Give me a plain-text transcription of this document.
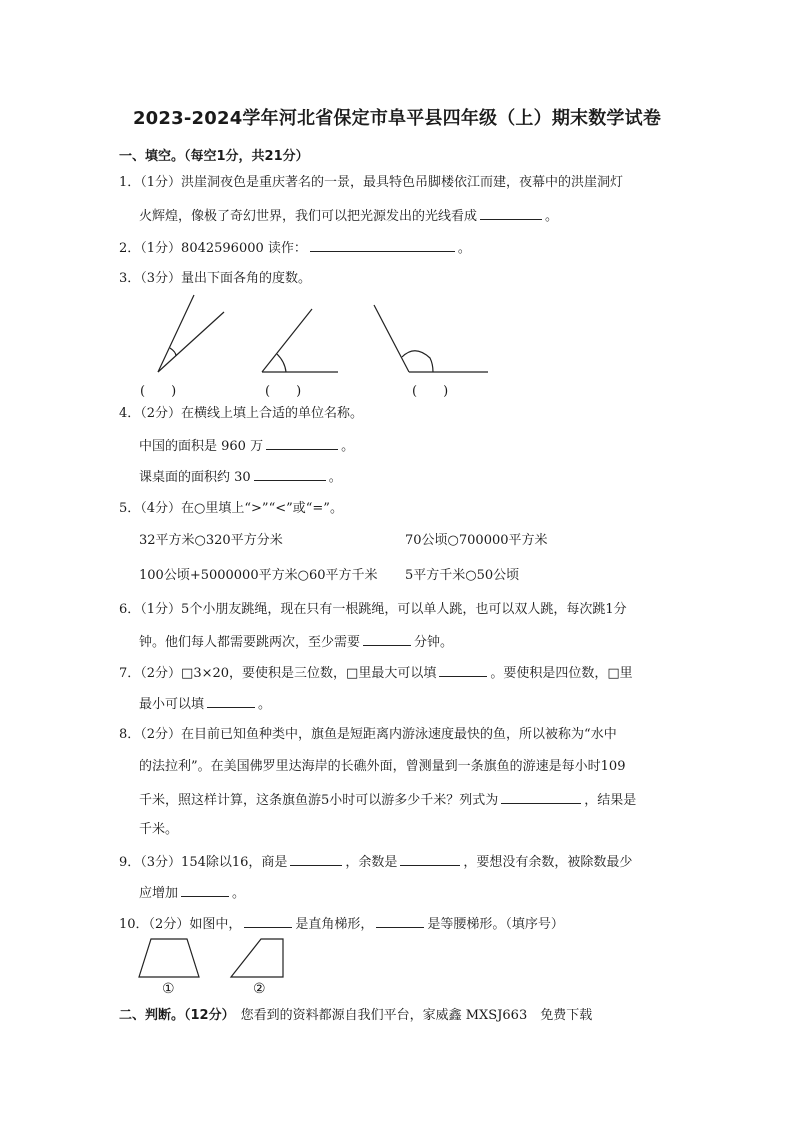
2023-2024学年河北省保定市阜平县四年级（上）期末数学试卷
一、填空。（每空1分，共21分）
1．（1分）洪崖洞夜色是重庆著名的一景，最具特色吊脚楼依江而建，夜幕中的洪崖洞灯
火辉煌，像极了奇幻世界，我们可以把光源发出的光线看成	。
2．（1分）8042596000 读作：	。
3．（3分）量出下面各角的度数。
(　　)	(　　)	(　　)
4．（2分）在横线上填上合适的单位名称。
中国的面积是 960 万	。
课桌面的面积约 30	。
5．（4分）在○里填上“>”“<”或“=”。
32平方米○320平方分米	70公顷○700000平方米
100公顷+5000000平方米○60平方千米 5平方千米○50公顷
6．（1分）5个小朋友跳绳，现在只有一根跳绳，可以单人跳，也可以双人跳，每次跳1分
钟。他们每人都需要跳两次，至少需要	分钟。
7．（2分）□3×20，要使积是三位数，□里最大可以填	。要使积是四位数，□里
最小可以填	。
8．（2分）在目前已知鱼种类中，旗鱼是短距离内游泳速度最快的鱼，所以被称为“水中
的法拉利”。在美国佛罗里达海岸的长礁外面，曾测量到一条旗鱼的游速是每小时109
千米，照这样计算，这条旗鱼游5小时可以游多少千米？列式为	，结果是
千米。
9．（3分）154除以16，商是	，余数是	，要想没有余数，被除数最少
应增加	。
10．（2分）如图中，	是直角梯形，	是等腰梯形。（填序号）
①	②
二、判断。（12分） 您看到的资料都源自我们平台，家威鑫 MXSJ663　免费下载
